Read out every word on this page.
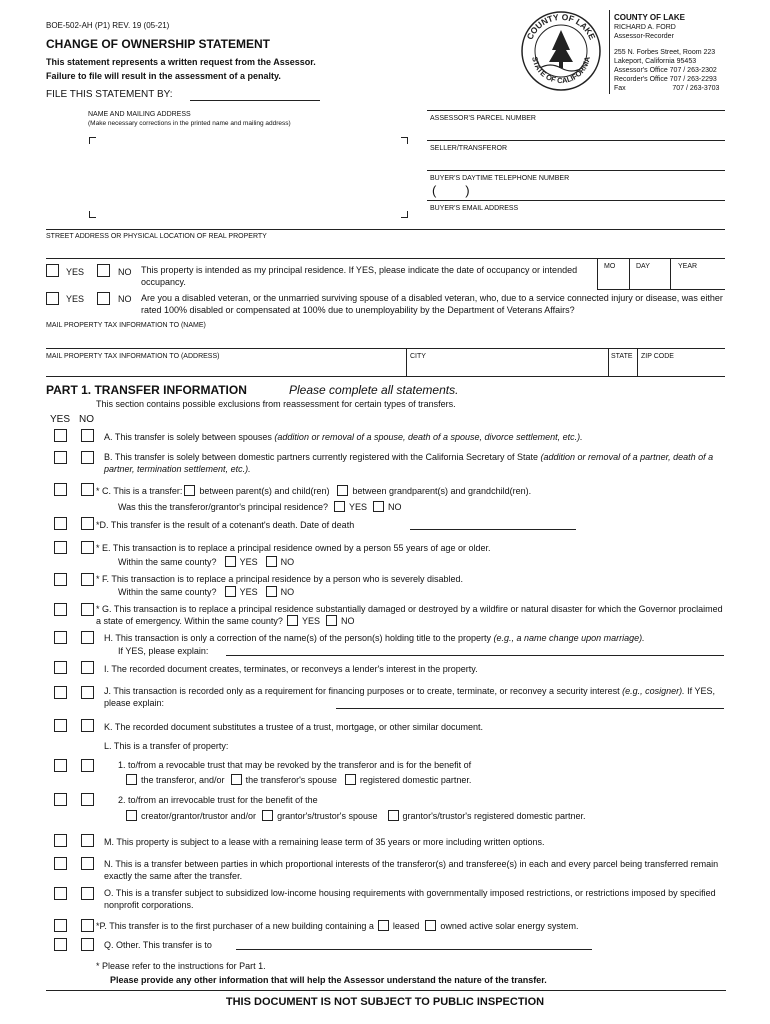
BOE-502-AH (P1) REV. 19 (05-21)
CHANGE OF OWNERSHIP STATEMENT
This statement represents a written request from the Assessor.
Failure to file will result in the assessment of a penalty.
FILE THIS STATEMENT BY:
COUNTY OF LAKE
STATE OF CALIFORNIA
COUNTY OF LAKE
RICHARD A. FORD
Assessor-Recorder
255 N. Forbes Street, Room 223
Lakeport, California 95453
Assessor's Office 707 / 263-2302
Recorder's Office 707 / 263-2293
Fax                        707 / 263-3703
NAME AND MAILING ADDRESS
(Make necessary corrections in the printed name and mailing address)
ASSESSOR'S PARCEL NUMBER
SELLER/TRANSFEROR
BUYER'S DAYTIME TELEPHONE NUMBER
(        )
BUYER'S EMAIL ADDRESS
STREET ADDRESS OR PHYSICAL LOCATION OF REAL PROPERTY
YES	NO This property is intended as my principal residence. If YES, please indicate the date of occupancy or intended occupancy.
MO	DAY	YEAR
YES	NO Are you a disabled veteran, or the unmarried surviving spouse of a disabled veteran, who, due to a service connected injury or disease, was either rated 100% disabled or compensated at 100% due to unemployability by the Department of Veterans Affairs?
MAIL PROPERTY TAX INFORMATION TO (NAME)
MAIL PROPERTY TAX INFORMATION TO (ADDRESS)	CITY	STATE ZIP CODE
PART 1. TRANSFER INFORMATION	Please complete all statements.
This section contains possible exclusions from reassessment for certain types of transfers.
YES NO
A. This transfer is solely between spouses (addition or removal of a spouse, death of a spouse, divorce settlement, etc.).
B. This transfer is solely between domestic partners currently registered with the California Secretary of State (addition or removal of a partner, death of a partner, termination settlement, etc.).
* C. This is a transfer: between parent(s) and child(ren)	between grandparent(s) and grandchild(ren).
Was this the transferor/grantor's principal residence? YES NO
*D. This transfer is the result of a cotenant's death. Date of death
* E. This transaction is to replace a principal residence owned by a person 55 years of age or older.
Within the same county?	YES	NO
* F. This transaction is to replace a principal residence by a person who is severely disabled.
Within the same county?	YES	NO
* G. This transaction is to replace a principal residence substantially damaged or destroyed by a wildfire or natural disaster for which the Governor proclaimed a state of emergency. Within the same county? YES NO
H. This transaction is only a correction of the name(s) of the person(s) holding title to the property (e.g., a name change upon marriage).
If YES, please explain:
I. The recorded document creates, terminates, or reconveys a lender's interest in the property.
J. This transaction is recorded only as a requirement for financing purposes or to create, terminate, or reconvey a security interest (e.g., cosigner). If YES, please explain:
K. The recorded document substitutes a trustee of a trust, mortgage, or other similar document.
L. This is a transfer of property:
1. to/from a revocable trust that may be revoked by the transferor and is for the benefit of
the transferor, and/or the transferor's spouse	registered domestic partner.
2. to/from an irrevocable trust for the benefit of the
creator/grantor/trustor and/or grantor's/trustor's spouse	grantor's/trustor's registered domestic partner.
M. This property is subject to a lease with a remaining lease term of 35 years or more including written options.
N. This is a transfer between parties in which proportional interests of the transferor(s) and transferee(s) in each and every parcel being transferred remain exactly the same after the transfer.
O. This is a transfer subject to subsidized low-income housing requirements with governmentally imposed restrictions, or restrictions imposed by specified nonprofit corporations.
*P. This transfer is to the first purchaser of a new building containing a leased owned active solar energy system.
Q. Other. This transfer is to
* Please refer to the instructions for Part 1.
Please provide any other information that will help the Assessor understand the nature of the transfer.
THIS DOCUMENT IS NOT SUBJECT TO PUBLIC INSPECTION
